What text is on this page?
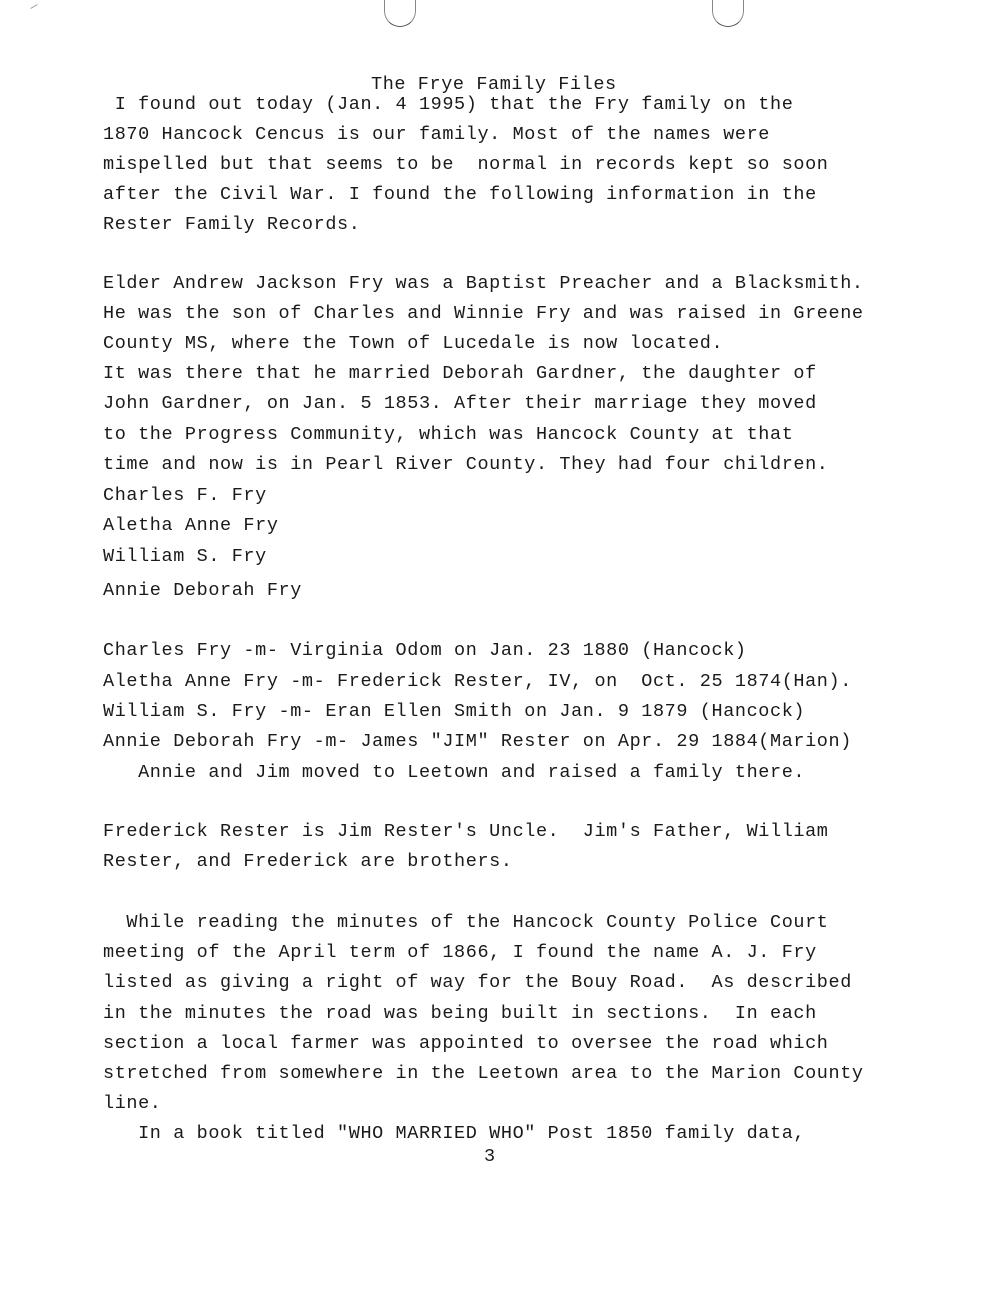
The Frye Family Files
I found out today (Jan. 4 1995) that the Fry family on the
1870 Hancock Cencus is our family. Most of the names were
mispelled but that seems to be  normal in records kept so soon
after the Civil War. I found the following information in the
Rester Family Records.
Elder Andrew Jackson Fry was a Baptist Preacher and a Blacksmith.
He was the son of Charles and Winnie Fry and was raised in Greene
County MS, where the Town of Lucedale is now located.
It was there that he married Deborah Gardner, the daughter of
John Gardner, on Jan. 5 1853. After their marriage they moved
to the Progress Community, which was Hancock County at that
time and now is in Pearl River County. They had four children.
Charles F. Fry
Aletha Anne Fry
William S. Fry
Annie Deborah Fry
Charles Fry -m- Virginia Odom on Jan. 23 1880 (Hancock)
Aletha Anne Fry -m- Frederick Rester, IV, on  Oct. 25 1874(Han).
William S. Fry -m- Eran Ellen Smith on Jan. 9 1879 (Hancock)
Annie Deborah Fry -m- James "JIM" Rester on Apr. 29 1884(Marion)
Annie and Jim moved to Leetown and raised a family there.
Frederick Rester is Jim Rester's Uncle.  Jim's Father, William
Rester, and Frederick are brothers.
While reading the minutes of the Hancock County Police Court
meeting of the April term of 1866, I found the name A. J. Fry
listed as giving a right of way for the Bouy Road.  As described
in the minutes the road was being built in sections.  In each
section a local farmer was appointed to oversee the road which
stretched from somewhere in the Leetown area to the Marion County
line.
In a book titled "WHO MARRIED WHO" Post 1850 family data,
3
